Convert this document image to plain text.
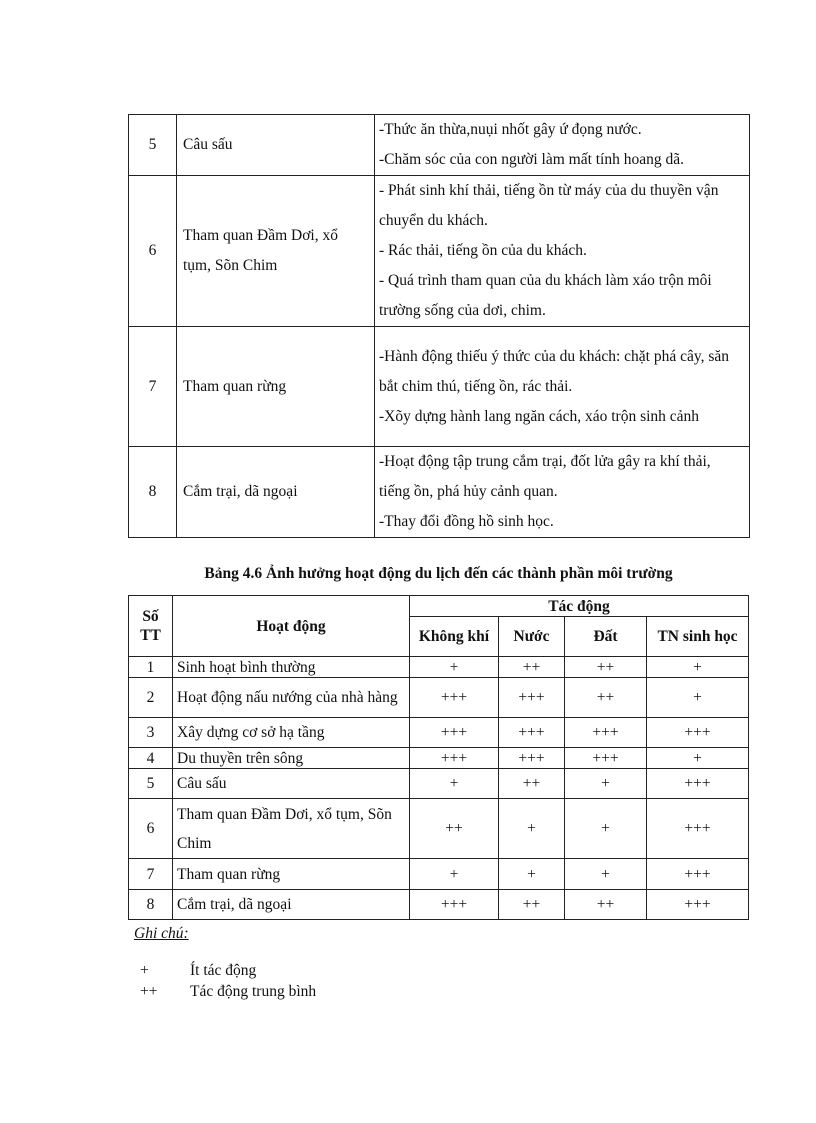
5	Câu sấu	-Thức ăn thừa,nuụi nhốt gây ứ đọng nước.
-Chăm sóc của con người làm mất tính hoang dã.

6	Tham quan Đầm Dơi, xổ tụm, Sõn Chim	- Phát sinh khí thải, tiếng ồn từ máy của du thuyền vận chuyển du khách.
- Rác thải, tiếng ồn của du khách.
- Quá trình tham quan của du khách làm xáo trộn môi trường sống của dơi, chim.

7	Tham quan rừng	-Hành động thiếu ý thức của du khách: chặt phá cây, săn bắt chim thú, tiếng ồn, rác thải.
-Xõy dựng hành lang ngăn cách, xáo trộn sinh cảnh

8	Cắm trại, dã ngoại	-Hoạt động tập trung cắm trại, đốt lửa gây ra khí thải, tiếng ồn, phá hủy cảnh quan.
-Thay đổi đồng hồ sinh học.
Bảng 4.6 Ảnh hưởng hoạt động du lịch đến các thành phần môi trường
Số TT	Hoạt động	Tác động			
		Không khí	Nước	Đất	TN sinh học
1	Sinh hoạt bình thường	+	++	++	+
2	Hoạt động nấu nướng của nhà hàng	+++	+++	++	+
3	Xây dựng cơ sở hạ tầng	+++	+++	+++	+++
4	Du thuyền trên sông	+++	+++	+++	+
5	Câu sấu	+	++	+	+++
6	Tham quan Đầm Dơi, xổ tụm, Sõn Chim	++	+	+	+++
7	Tham quan rừng	+	+	+	+++
8	Cắm trại, dã ngoại	+++	++	++	+++
Ghi chú:
+	Ít tác động
++ Tác động trung bình
